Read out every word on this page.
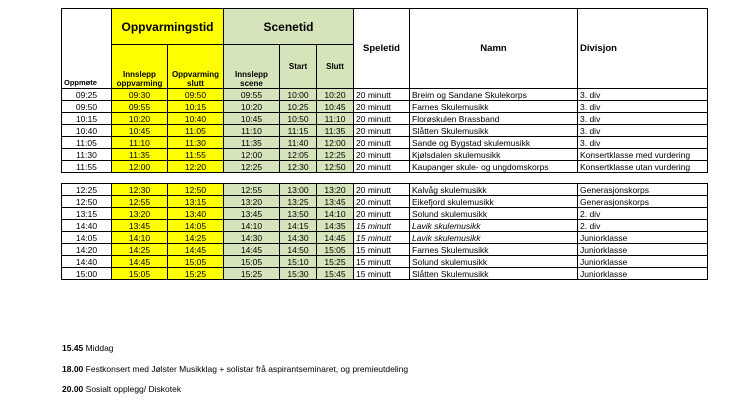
	Oppvarmingstid		Scenetid			Speletid	Namn	Divisjon
Oppmøte	Innslepp oppvarming	Oppvarming slutt	Innslepp scene	Start	Slutt			
09:25	09:30	09:50	09:55	10:00	10:20	20 minutt	Breim og Sandane Skulekorps	3. div
09:50	09:55	10:15	10:20	10:25	10:45	20 minutt	Farnes Skulemusikk	3. div
10:15	10:20	10:40	10:45	10:50	11:10	20 minutt	Florøskulen Brassband	3. div
10:40	10:45	11:05	11:10	11:15	11:35	20 minutt	Slåtten Skulemusikk	3. div
11:05	11:10	11:30	11:35	11:40	12:00	20 minutt	Sande og Bygstad skulemusikk	3. div
11:30	11:35	11:55	12:00	12:05	12:25	20 minutt	Kjølsdalen skulemusikk	Konsertklasse med vurdering
11:55	12:00	12:20	12:25	12:30	12:50	20 minutt	Kaupanger skule- og ungdomskorps	Konsertklasse utan vurdering

12:25	12:30	12:50	12:55	13:00	13:20	20 minutt	Kalvåg skulemusikk	Generasjonskorps
12:50	12:55	13:15	13:20	13:25	13:45	20 minutt	Eikefjord skulemusikk	Generasjonskorps
13:15	13:20	13:40	13:45	13:50	14:10	20 minutt	Solund skulemusikk	2. div
14:40	13:45	14:05	14:10	14:15	14:35	15 minutt	Lavik skulemusikk	2. div
14:05	14:10	14:25	14:30	14:30	14:45	15 minutt	Lavik skulemusikk	Juniorklasse
14:20	14:25	14:45	14:45	14:50	15:05	15 minutt	Farnes Skulemusikk	Juniorklasse
14:40	14:45	15:05	15:05	15:10	15:25	15 minutt	Solund skulemusikk	Juniorklasse
15:00	15:05	15:25	15:25	15:30	15:45	15 minutt	Slåtten Skulemusikk	Juniorklasse
15.45 Middag
18.00 Festkonsert med Jølster Musikklag + solistar frå aspirantseminaret, og premieutdeling
20.00 Sosialt opplegg/ Diskotek
